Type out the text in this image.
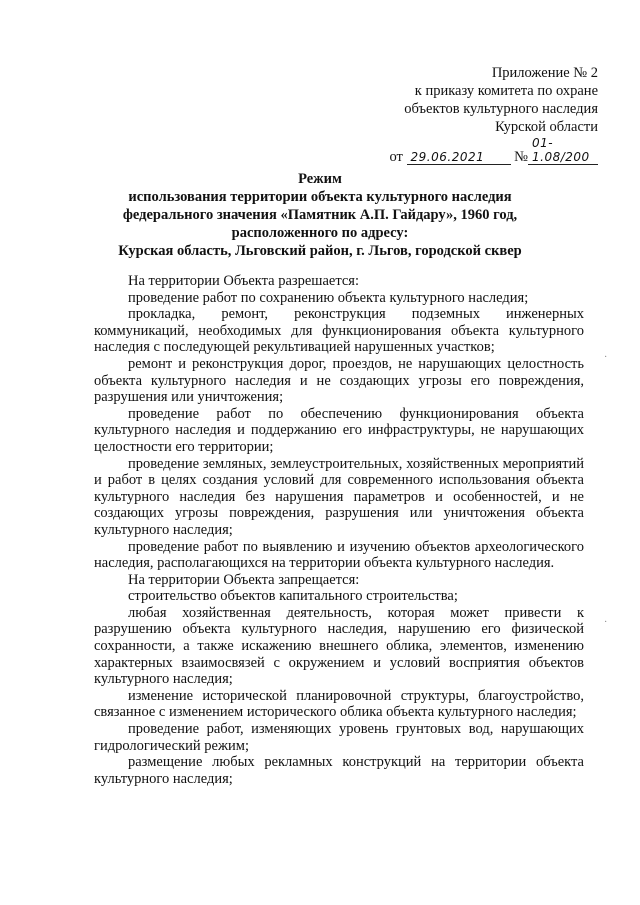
Приложение № 2
к приказу комитета по охране
объектов культурного наследия
Курской области
от 29.06.2021 №01-1.08/200
Режим
использования территории объекта культурного наследия
федерального значения «Памятник А.П. Гайдару», 1960 год,
расположенного по адресу:
Курская область, Льговский район, г. Льгов, городской сквер

На территории Объекта разрешается:

проведение работ по сохранению объекта культурного наследия;

прокладка, ремонт, реконструкция подземных инженерных коммуникаций, необходимых для функционирования объекта культурного наследия с последующей рекультивацией нарушенных участков;

ремонт и реконструкция дорог, проездов, не нарушающих целостность объекта культурного наследия и не создающих угрозы его повреждения, разрушения или уничтожения;

проведение работ по обеспечению функционирования объекта культурного наследия и поддержанию его инфраструктуры, не нарушающих целостности его территории;

проведение земляных, землеустроительных, хозяйственных мероприятий и работ в целях создания условий для современного использования объекта культурного наследия без нарушения параметров и особенностей, и не создающих угрозы повреждения, разрушения или уничтожения объекта культурного наследия;

проведение работ по выявлению и изучению объектов археологического наследия, располагающихся на территории объекта культурного наследия.

На территории Объекта запрещается:

строительство объектов капитального строительства;

любая хозяйственная деятельность, которая может привести к разрушению объекта культурного наследия, нарушению его физической сохранности, а также искажению внешнего облика, элементов, изменению характерных взаимосвязей с окружением и условий восприятия объектов культурного наследия;

изменение исторической планировочной структуры, благоустройство, связанное с изменением исторического облика объекта культурного наследия;

проведение работ, изменяющих уровень грунтовых вод, нарушающих гидрологический режим;

размещение любых рекламных конструкций на территории объекта культурного наследия;

·
·
